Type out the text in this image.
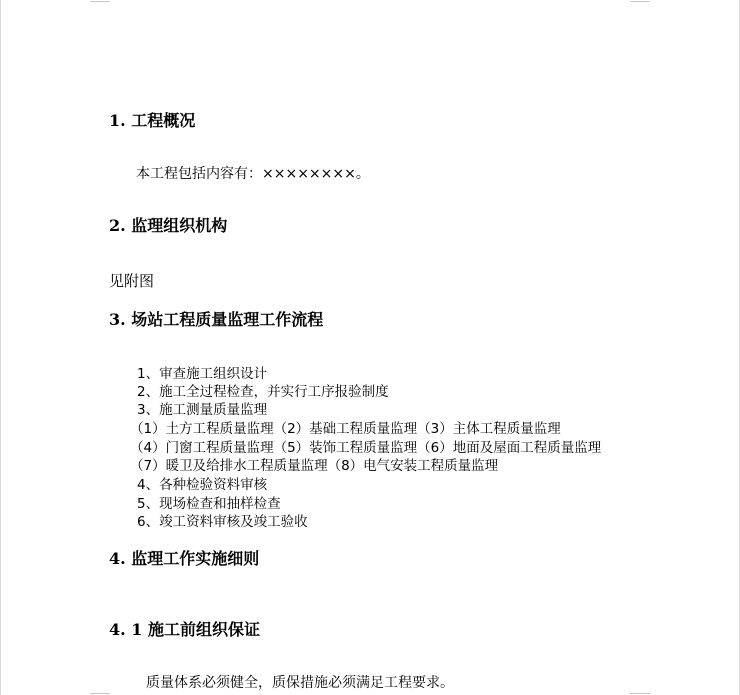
1. 工程概况
本工程包括内容有：××××××××。
2. 监理组织机构
见附图
3. 场站工程质量监理工作流程
1、审查施工组织设计
2、施工全过程检查，并实行工序报验制度
3、施工测量质量监理
（1）土方工程质量监理（2）基础工程质量监理（3）主体工程质量监理
（4）门窗工程质量监理（5）装饰工程质量监理（6）地面及屋面工程质量监理
（7）暖卫及给排水工程质量监理（8）电气安装工程质量监理
4、各种检验资料审核
5、现场检查和抽样检查
6、竣工资料审核及竣工验收
4. 监理工作实施细则
4. 1 施工前组织保证
质量体系必须健全，质保措施必须满足工程要求。
